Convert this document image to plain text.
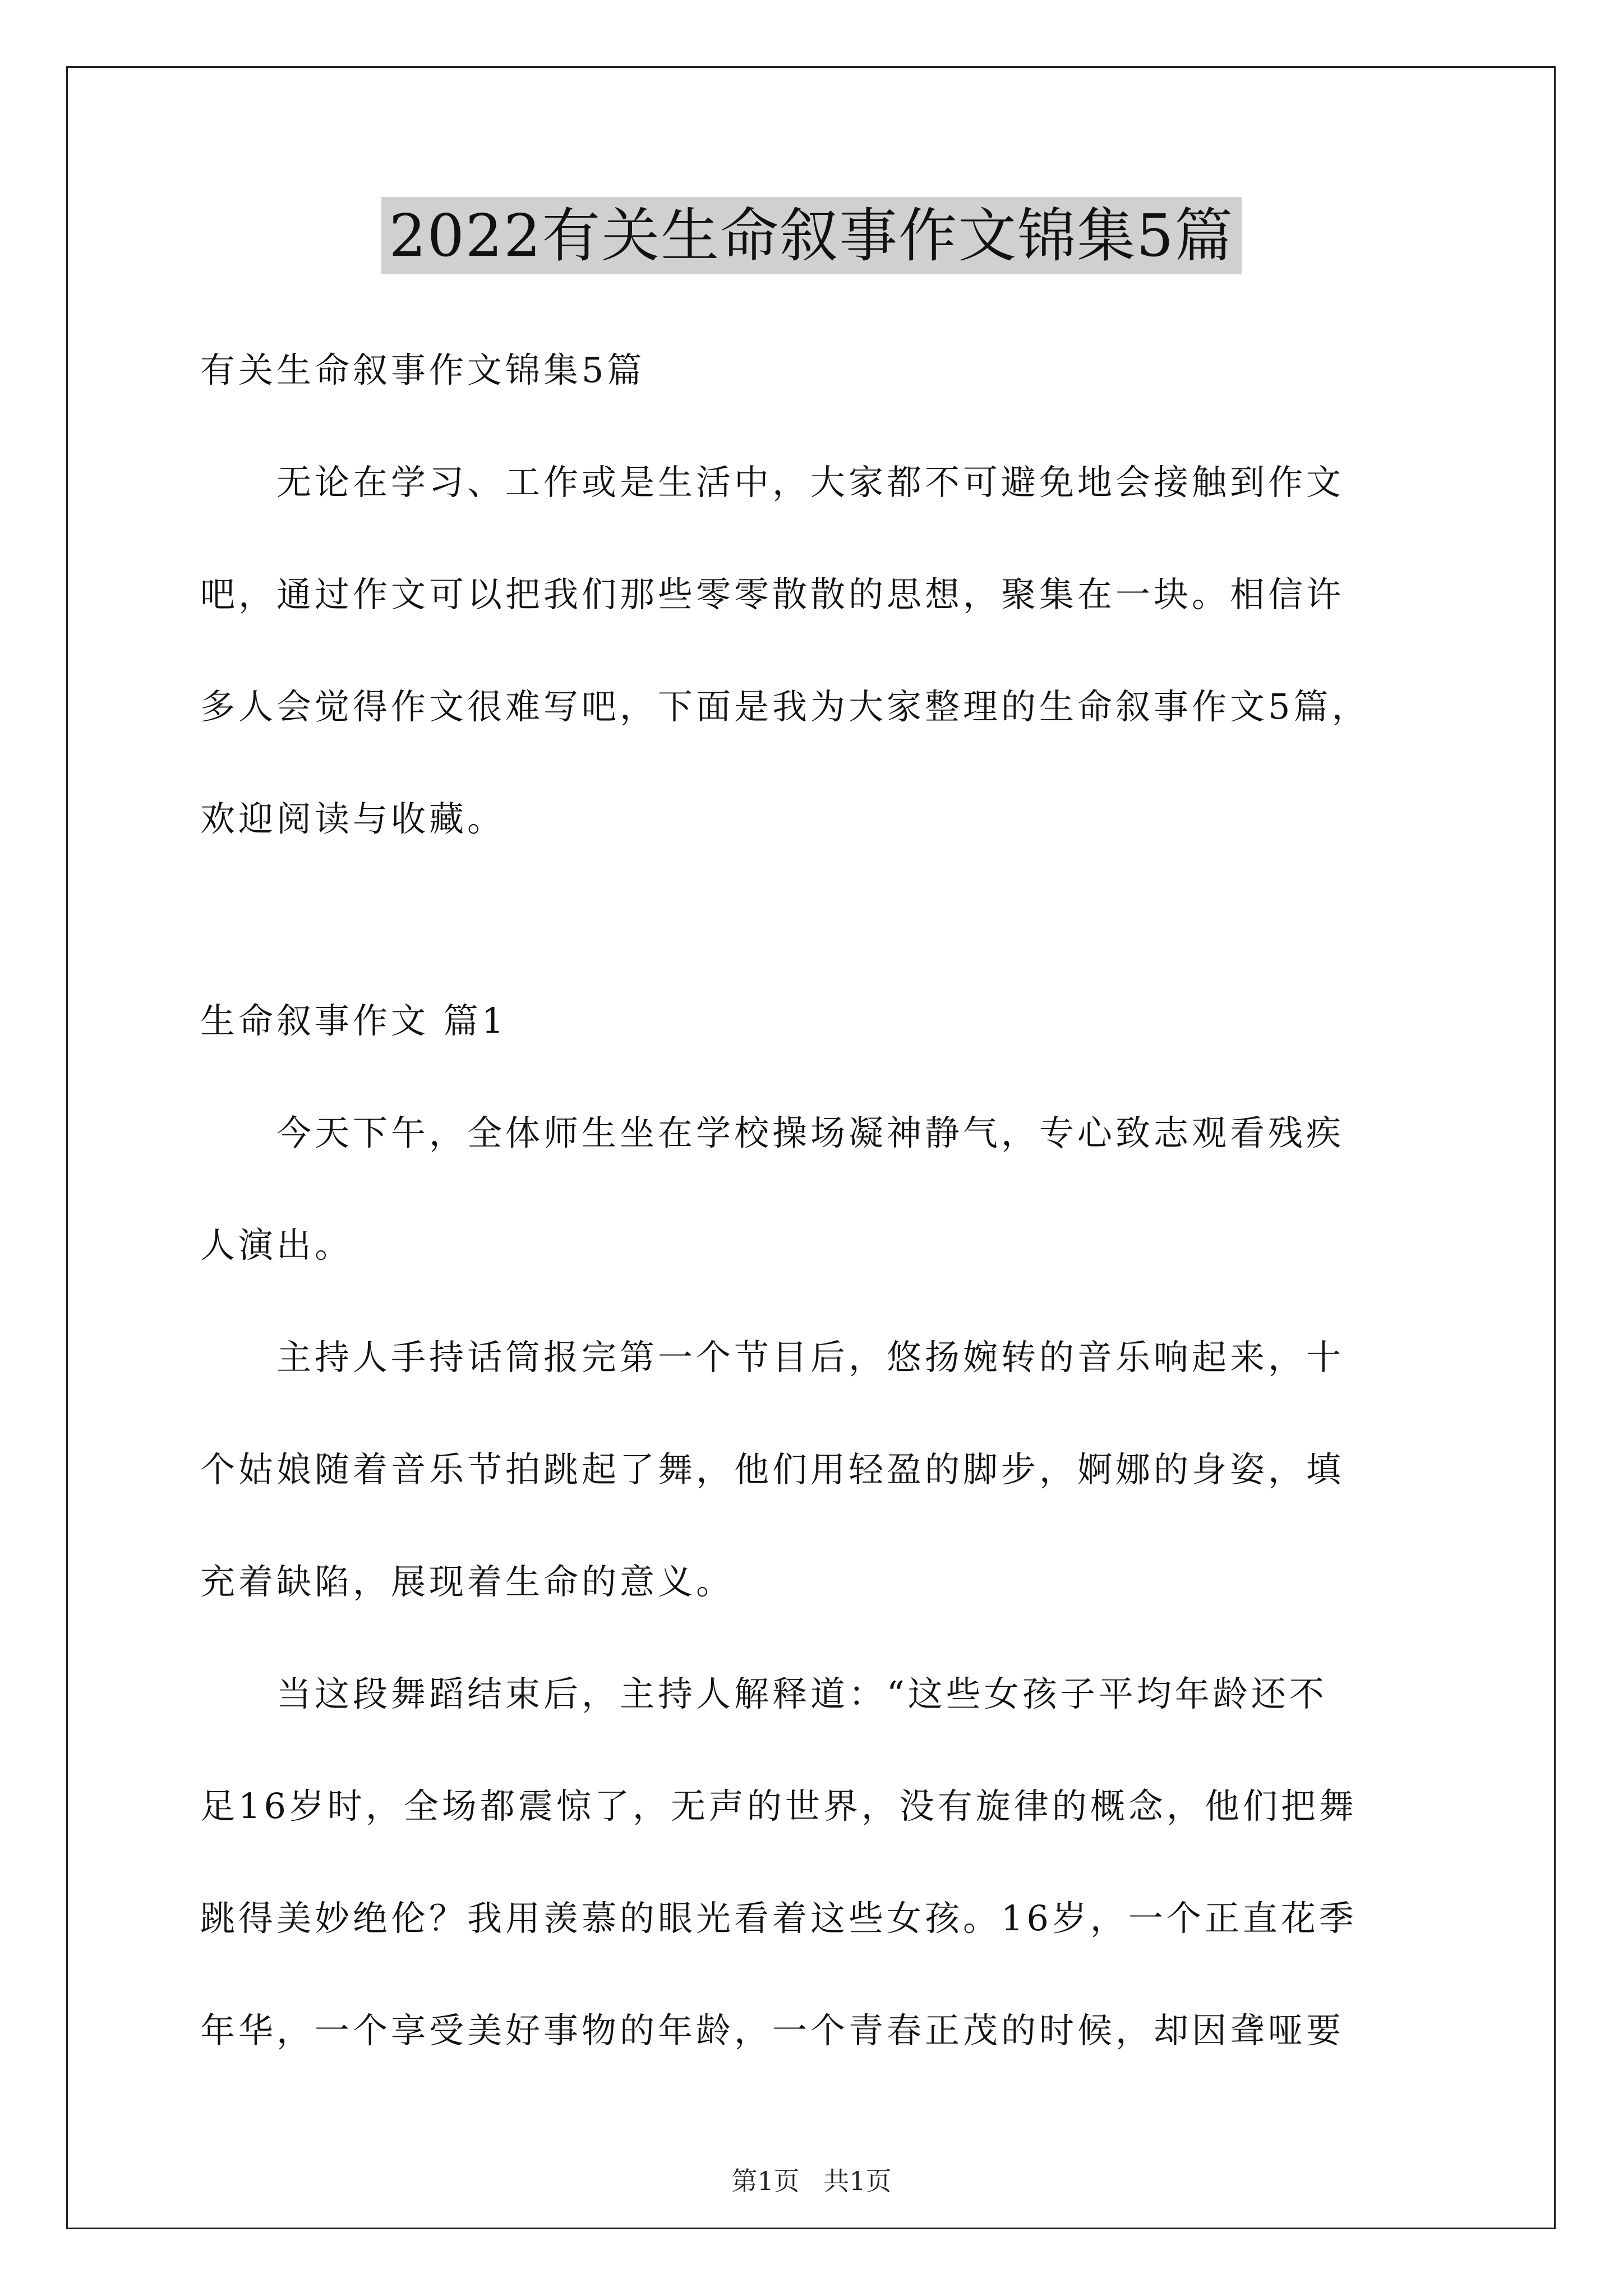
2022有关生命叙事作文锦集5篇
有关生命叙事作文锦集5篇
　　无论在学习、工作或是生活中，大家都不可避免地会接触到作文
吧，通过作文可以把我们那些零零散散的思想，聚集在一块。相信许
多人会觉得作文很难写吧，下面是我为大家整理的生命叙事作文5篇，
欢迎阅读与收藏。
生命叙事作文 篇1
　　今天下午，全体师生坐在学校操场凝神静气，专心致志观看残疾
人演出。
　　主持人手持话筒报完第一个节目后，悠扬婉转的音乐响起来，十
个姑娘随着音乐节拍跳起了舞，他们用轻盈的脚步，婀娜的身姿，填
充着缺陷，展现着生命的意义。
　　当这段舞蹈结束后，主持人解释道：“这些女孩子平均年龄还不
足16岁时，全场都震惊了，无声的世界，没有旋律的概念，他们把舞
跳得美妙绝伦？我用羡慕的眼光看着这些女孩。16岁，一个正直花季
年华，一个享受美好事物的年龄，一个青春正茂的时候，却因聋哑要
第1页 共1页
